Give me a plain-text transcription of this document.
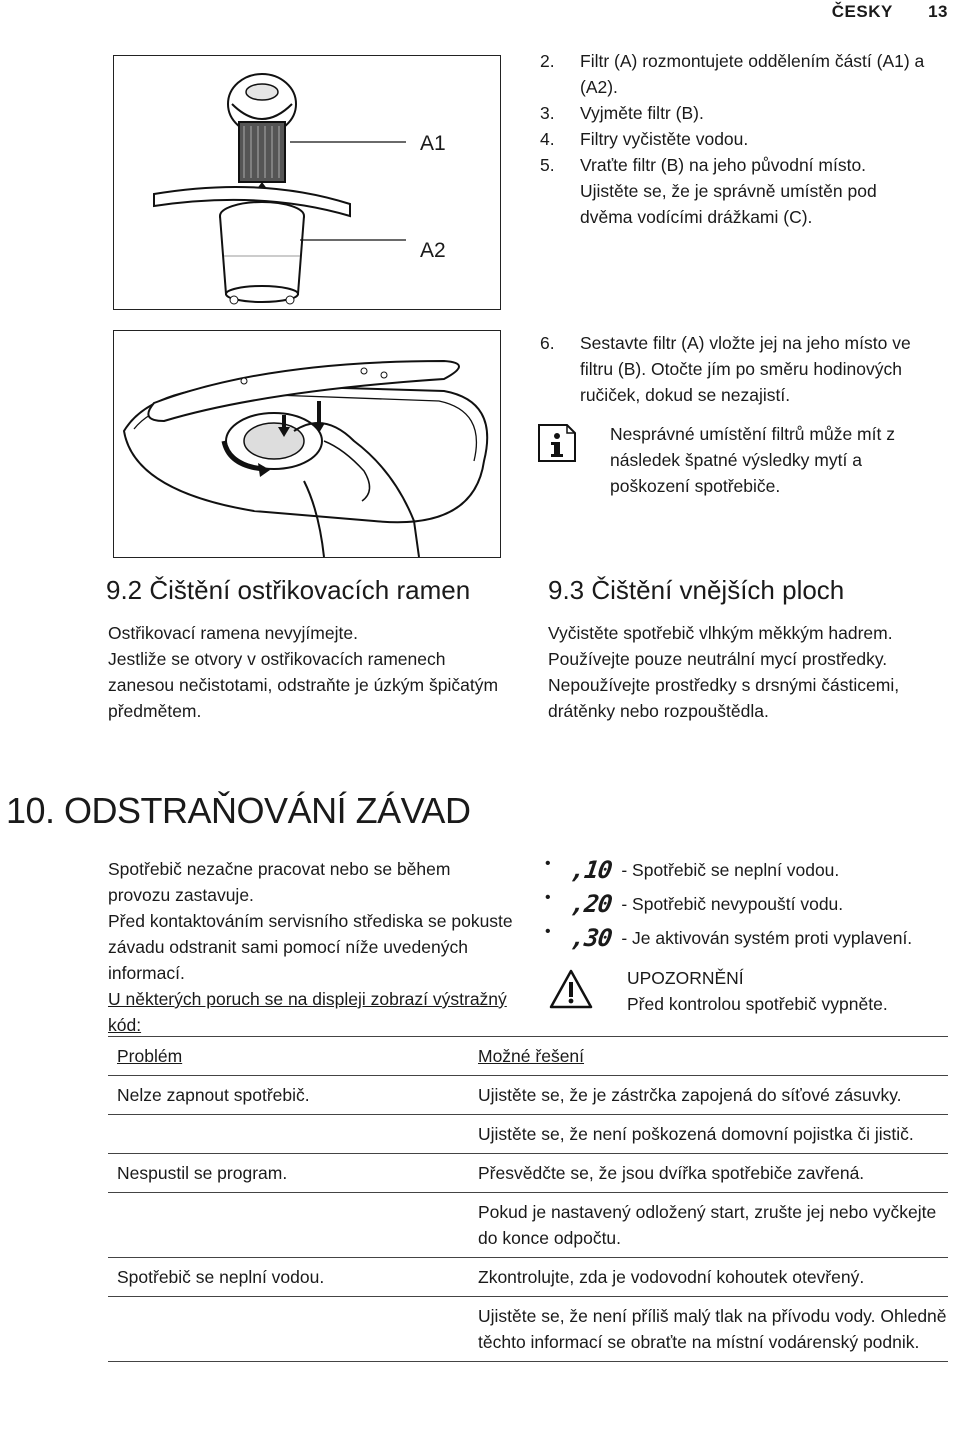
ČESKY 13
A1
A2
2.	Filtr (A) rozmontujete oddělením částí (A1) a (A2).
3.	Vyjměte filtr (B).
4.	Filtry vyčistěte vodou.
5.	Vraťte filtr (B) na jeho původní místo. Ujistěte se, že je správně umístěn pod dvěma vodícími drážkami (C).
6.	Sestavte filtr (A) vložte jej na jeho místo ve filtru (B). Otočte jím po směru hodinových ručiček, dokud se nezajistí.
Nesprávné umístění filtrů může mít z následek špatné výsledky mytí a poškození spotřebiče.
9.2 Čištění ostřikovacích ramen
Ostřikovací ramena nevyjímejte.
Jestliže se otvory v ostřikovacích ramenech zanesou nečistotami, odstraňte je úzkým špičatým předmětem.
9.3 Čištění vnějších ploch
Vyčistěte spotřebič vlhkým měkkým hadrem.
Používejte pouze neutrální mycí prostředky. Nepoužívejte prostředky s drsnými částicemi, drátěnky nebo rozpouštědla.
10. ODSTRAŇOVÁNÍ ZÁVAD
Spotřebič nezačne pracovat nebo se během provozu zastavuje.
Před kontaktováním servisního střediska se pokuste závadu odstranit sami pomocí níže uvedených informací.
U některých poruch se na displeji zobrazí výstražný kód:
• ,10 - Spotřebič se neplní vodou.
• ,20 - Spotřebič nevypouští vodu.
• ,30 - Je aktivován systém proti vyplavení.
UPOZORNĚNÍ
Před kontrolou spotřebič vypněte.
Problém	Možné řešení
Nelze zapnout spotřebič.	Ujistěte se, že je zástrčka zapojená do síťové zásuvky.
	Ujistěte se, že není poškozená domovní pojistka či jistič.
Nespustil se program.	Přesvědčte se, že jsou dvířka spotřebiče zavřená.
	Pokud je nastavený odložený start, zrušte jej nebo vyčkejte do konce odpočtu.
Spotřebič se neplní vodou.	Zkontrolujte, zda je vodovodní kohoutek otevřený.
	Ujistěte se, že není příliš malý tlak na přívodu vody. Ohledně těchto informací se obraťte na místní vodárenský podnik.
